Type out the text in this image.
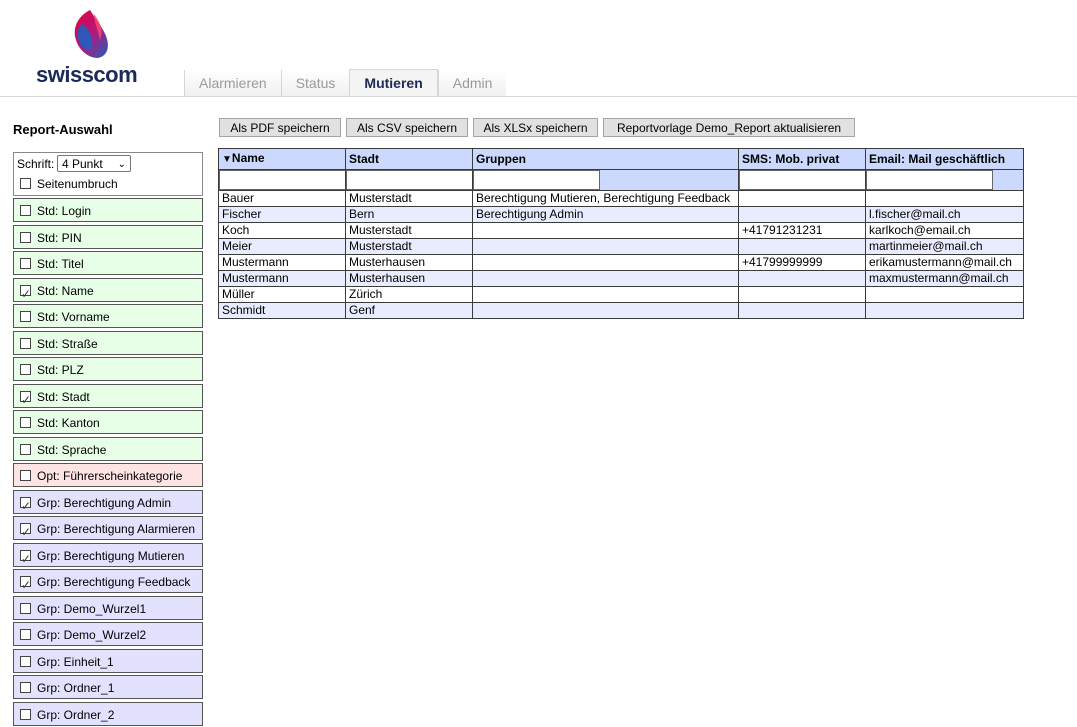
swisscom	Alarmieren	Status	Mutieren	Admin
Report-Auswahl
Schrift: 4 Punkt ⌄
Seitenumbruch
Std: Login
Std: PIN
Std: Titel
✓Std: Name
Std: Vorname
Std: Straße
Std: PLZ
✓Std: Stadt
Std: Kanton
Std: Sprache
Opt: Führerscheinkategorie
✓Grp: Berechtigung Admin
✓Grp: Berechtigung Alarmieren
✓Grp: Berechtigung Mutieren
✓Grp: Berechtigung Feedback
Grp: Demo_Wurzel1
Grp: Demo_Wurzel2
Grp: Einheit_1
Grp: Ordner_1
Grp: Ordner_2
Als PDF speichern	Als CSV speichern	Als XLSx speichern	Reportvorlage Demo_Report aktualisieren
▼Name	Stadt	Gruppen	SMS: Mob. privat	Email: Mail geschäftlich

Bauer	Musterstadt	Berechtigung Mutieren, Berechtigung Feedback		
Fischer	Bern	Berechtigung Admin		l.fischer@mail.ch
Koch	Musterstadt		+41791231231	karlkoch@email.ch
Meier	Musterstadt			martinmeier@mail.ch
Mustermann	Musterhausen		+41799999999	erikamustermann@mail.ch
Mustermann	Musterhausen			maxmustermann@mail.ch
Müller	Zürich			
Schmidt	Genf			
